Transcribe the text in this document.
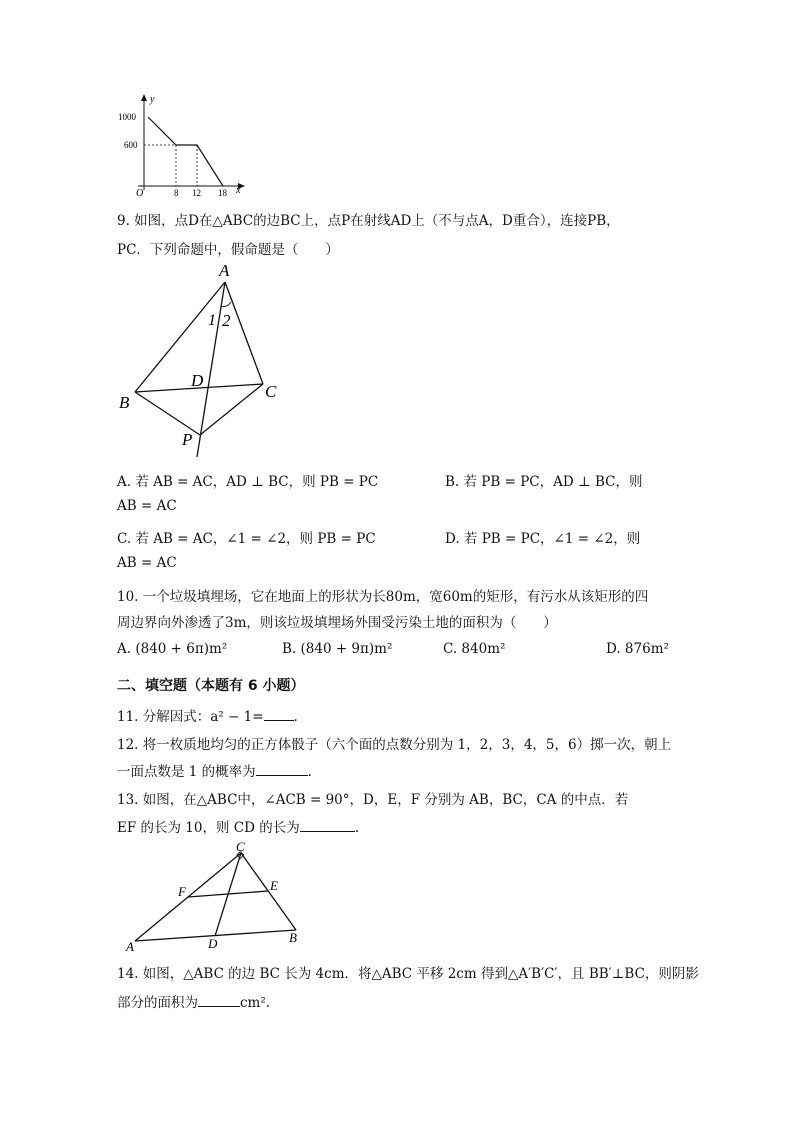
y
x
O
1000
600
8 12 18
9. 如图，点D在△ABC的边BC上，点P在射线AD上（不与点A，D重合），连接PB，
PC．下列命题中，假命题是（　　）
A
B
C
D
P
1 2
A. 若 AB = AC，AD ⊥ BC，则 PB = PC	B. 若 PB = PC，AD ⊥ BC，则
AB = AC
C. 若 AB = AC，∠1 = ∠2，则 PB = PC	D. 若 PB = PC，∠1 = ∠2，则
AB = AC
10. 一个垃圾填埋场，它在地面上的形状为长80m，宽60m的矩形，有污水从该矩形的四
周边界向外渗透了3m，则该垃圾填埋场外围受污染土地的面积为（　　）
A. (840 + 6π)m²	B. (840 + 9π)m²	C. 840m²	D. 876m²
二、填空题（本题有 6 小题）
11. 分解因式：a² − 1= .
12. 将一枚质地均匀的正方体骰子（六个面的点数分别为 1，2，3，4，5，6）掷一次，朝上
一面点数是 1 的概率为	.
13. 如图，在△ABC中，∠ACB = 90°，D，E，F 分别为 AB，BC，CA 的中点．若
EF 的长为 10，则 CD 的长为	.
C
F	E
A	D	B
14. 如图，△ABC 的边 BC 长为 4cm．将△ABC 平移 2cm 得到△A′B′C′，且 BB′⊥BC，则阴影
部分的面积为	cm².
